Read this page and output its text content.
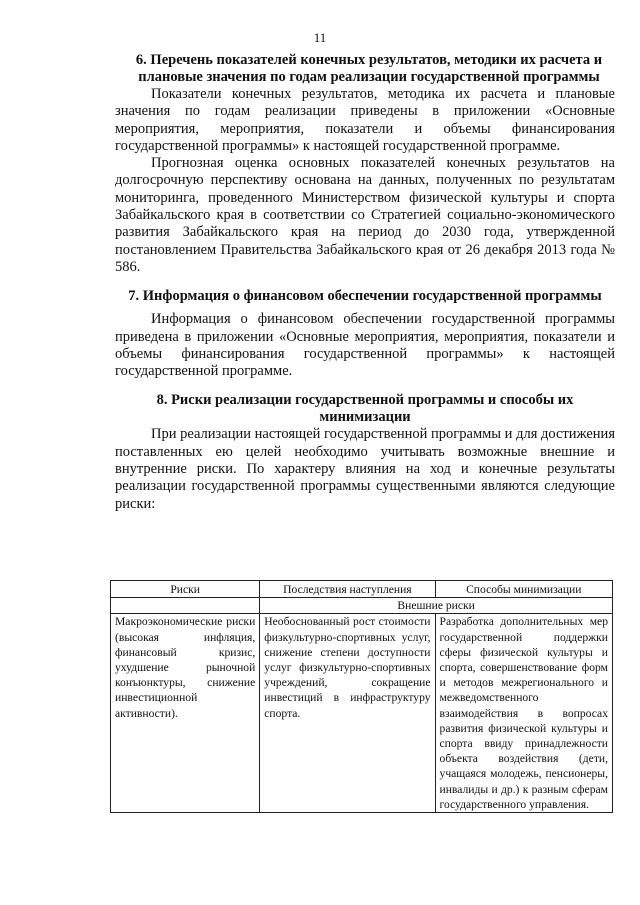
11
6. Перечень показателей конечных результатов, методики их расчета и плановые значения по годам реализации государственной программы

Показатели конечных результатов, методика их расчета и плановые значения по годам реализации приведены в приложении «Основные мероприятия, мероприятия, показатели и объемы финансирования государственной программы» к настоящей государственной программе.

Прогнозная оценка основных показателей конечных результатов на долгосрочную перспективу основана на данных, полученных по результатам мониторинга, проведенного Министерством физической культуры и спорта Забайкальского края в соответствии со Стратегией социально-экономического развития Забайкальского края на период до 2030 года, утвержденной постановлением Правительства Забайкальского края от 26 декабря 2013 года № 586.

7. Информация о финансовом обеспечении государственной программы

Информация о финансовом обеспечении государственной программы приведена в приложении «Основные мероприятия, мероприятия, показатели и объемы финансирования государственной программы» к настоящей государственной программе.

8. Риски реализации государственной программы и способы их минимизации

При реализации настоящей государственной программы и для достижения поставленных ею целей необходимо учитывать возможные внешние и внутренние риски. По характеру влияния на ход и конечные результаты реализации государственной программы существенными являются следующие риски:

Риски	Последствия наступления	Способы минимизации
	Внешние риски	
Макроэкономические риски (высокая инфляция, финансовый кризис, ухудшение рыночной конъюнктуры, снижение инвестиционной активности).	Необоснованный рост стоимости физкультурно-спортивных услуг, снижение степени доступности услуг физкультурно-спортивных учреждений, сокращение инвестиций в инфраструктуру спорта.	Разработка дополнительных мер государственной поддержки сферы физической культуры и спорта, совершенствование форм и методов межрегионального и межведомственного взаимодействия в вопросах развития физической культуры и спорта ввиду принадлежности объекта воздействия (дети, учащаяся молодежь, пенсионеры, инвалиды и др.) к разным сферам государственного управления.
